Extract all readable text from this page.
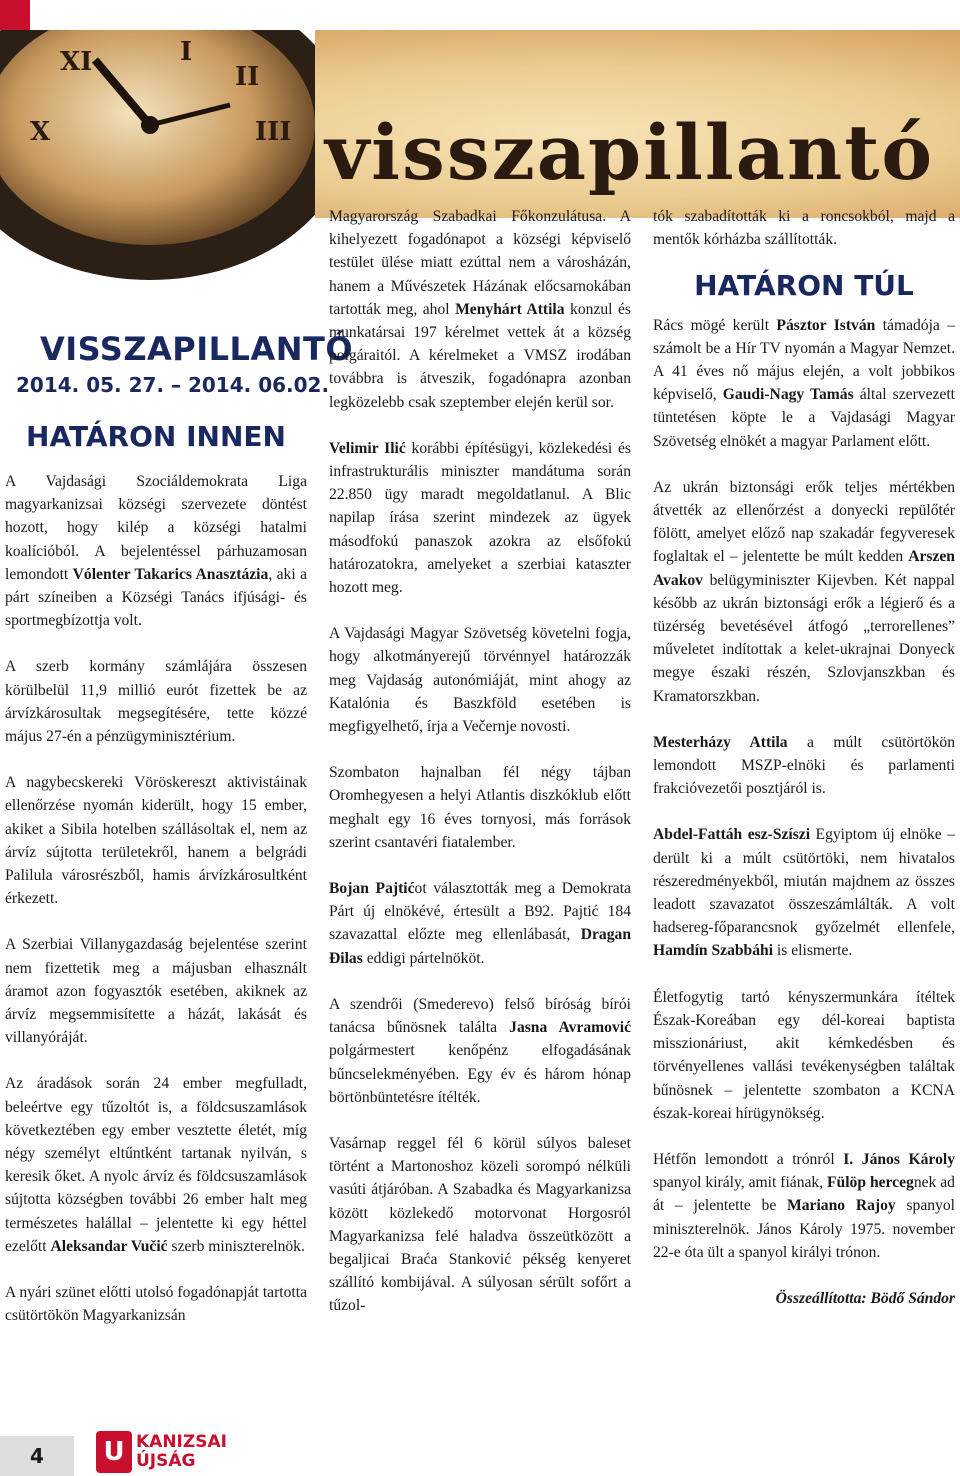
visszapillantó
XI	I
II
III
X
VISSZAPILLANTÓ
2014. 05. 27. – 2014. 06.02.
HATÁRON INNEN

A Vajdasági Szociáldemokrata Liga magyarkanizsai községi szervezete döntést hozott, hogy kilép a községi hatalmi koalícióból. A bejelentéssel párhuzamosan lemondott Vólenter Takarics Anasztázia, aki a párt színeiben a Községi Tanács ifjúsági- és sportmegbízottja volt.

A szerb kormány számlájára összesen körülbelül 11,9 millió eurót fizettek be az árvízkárosultak megsegítésére, tette közzé május 27-én a pénzügyminisztérium.

A nagybecskereki Vöröskereszt aktivistáinak ellenőrzése nyomán kiderült, hogy 15 ember, akiket a Sibila hotelben szállásoltak el, nem az árvíz sújtotta területekről, hanem a belgrádi Palilula városrészből, hamis árvízkárosultként érkezett.

A Szerbiai Villanygazdaság bejelentése szerint nem fizettetik meg a májusban elhasznált áramot azon fogyasztók esetében, akiknek az árvíz megsemmisítette a házát, lakását és villanyóráját.

Az áradások során 24 ember megfulladt, beleértve egy tűzoltót is, a földcsuszamlások következtében egy ember vesztette életét, míg négy személyt eltűntként tartanak nyilván, s keresik őket. A nyolc árvíz és földcsuszamlások sújtotta községben további 26 ember halt meg természetes halállal – jelentette ki egy héttel ezelőtt Aleksandar Vučić szerb miniszterelnök.

A nyári szünet előtti utolsó fogadónapját tartotta csütörtökön Magyarkanizsán

Magyarország Szabadkai Főkonzulátusa. A kihelyezett fogadónapot a községi képviselő testület ülése miatt ezúttal nem a városházán, hanem a Művészetek Házának előcsarnokában tartották meg, ahol Menyhárt Attila konzul és munkatársai 197 kérelmet vettek át a község polgáraitól. A kérelmeket a VMSZ irodában továbbra is átveszik, fogadónapra azonban legközelebb csak szeptember elején kerül sor.

Velimir Ilić korábbi építésügyi, közlekedési és infrastrukturális miniszter mandátuma során 22.850 ügy maradt megoldatlanul. A Blic napilap írása szerint mindezek az ügyek másodfokú panaszok azokra az elsőfokú határozatokra, amelyeket a szerbiai kataszter hozott meg.

A Vajdasági Magyar Szövetség követelni fogja, hogy alkotmányerejű törvénnyel határozzák meg Vajdaság autonómiáját, mint ahogy az Katalónia és Baszkföld esetében is megfigyelhető, írja a Večernje novosti.

Szombaton hajnalban fél négy tájban Oromhegyesen a helyi Atlantis diszkóklub előtt meghalt egy 16 éves tornyosi, más források szerint csantavéri fiatalember.

Bojan Pajtićot választották meg a Demokrata Párt új elnökévé, értesült a B92. Pajtić 184 szavazattal előzte meg ellenlábasát, Dragan Đilas eddigi pártelnököt.

A szendrői (Smederevo) felső bíróság bírói tanácsa bűnösnek találta Jasna Avramović polgármestert kenőpénz elfogadásának bűncselekményében. Egy év és három hónap börtönbüntetésre ítélték.

Vasárnap reggel fél 6 körül súlyos baleset történt a Martonoshoz közeli sorompó nélküli vasúti átjáróban. A Szabadka és Magyarkanizsa között közlekedő motorvonat Horgosról Magyarkanizsa felé haladva összeütközött a begaljicai Braća Stanković pékség kenyeret szállító kombijával. A súlyosan sérült sofőrt a tűzol-

tók szabadították ki a roncsokból, majd a mentők kórházba szállították.

HATÁRON TÚL

Rács mögé került Pásztor István támadója – számolt be a Hír TV nyomán a Magyar Nemzet. A 41 éves nő május elején, a volt jobbikos képviselő, Gaudi-Nagy Tamás által szervezett tüntetésen köpte le a Vajdasági Magyar Szövetség elnökét a magyar Parlament előtt.

Az ukrán biztonsági erők teljes mértékben átvették az ellenőrzést a donyecki repülőtér fölött, amelyet előző nap szakadár fegyveresek foglaltak el – jelentette be múlt kedden Arszen Avakov belügyminiszter Kijevben. Két nappal később az ukrán biztonsági erők a légierő és a tüzérség bevetésével átfogó „terrorellenes” műveletet indítottak a kelet-ukrajnai Donyeck megye északi részén, Szlovjanszkban és Kramatorszkban.

Mesterházy Attila a múlt csütörtökön lemondott MSZP-elnöki és parlamenti frakcióvezetői posztjáról is.

Abdel-Fattáh esz-Szíszi Egyiptom új elnöke – derült ki a múlt csütörtöki, nem hivatalos részeredményekből, miután majdnem az összes leadott szavazatot összeszámlálták. A volt hadsereg-főparancsnok győzelmét ellenfele, Hamdín Szabbáhi is elismerte.

Életfogytig tartó kényszermunkára ítéltek Észak-Koreában egy dél-koreai baptista misszionáriust, akit kémkedésben és törvényellenes vallási tevékenységben találtak bűnösnek – jelentette szombaton a KCNA észak-koreai hírügynökség.

Hétfőn lemondott a trónról I. János Károly spanyol király, amit fiának, Fülöp hercegnek ad át – jelentette be Mariano Rajoy spanyol miniszterelnök. János Károly 1975. november 22-e óta ült a spanyol királyi trónon.

Összeállította: Bödő Sándor

4	U KANIZSAI
ÚJSÁG
